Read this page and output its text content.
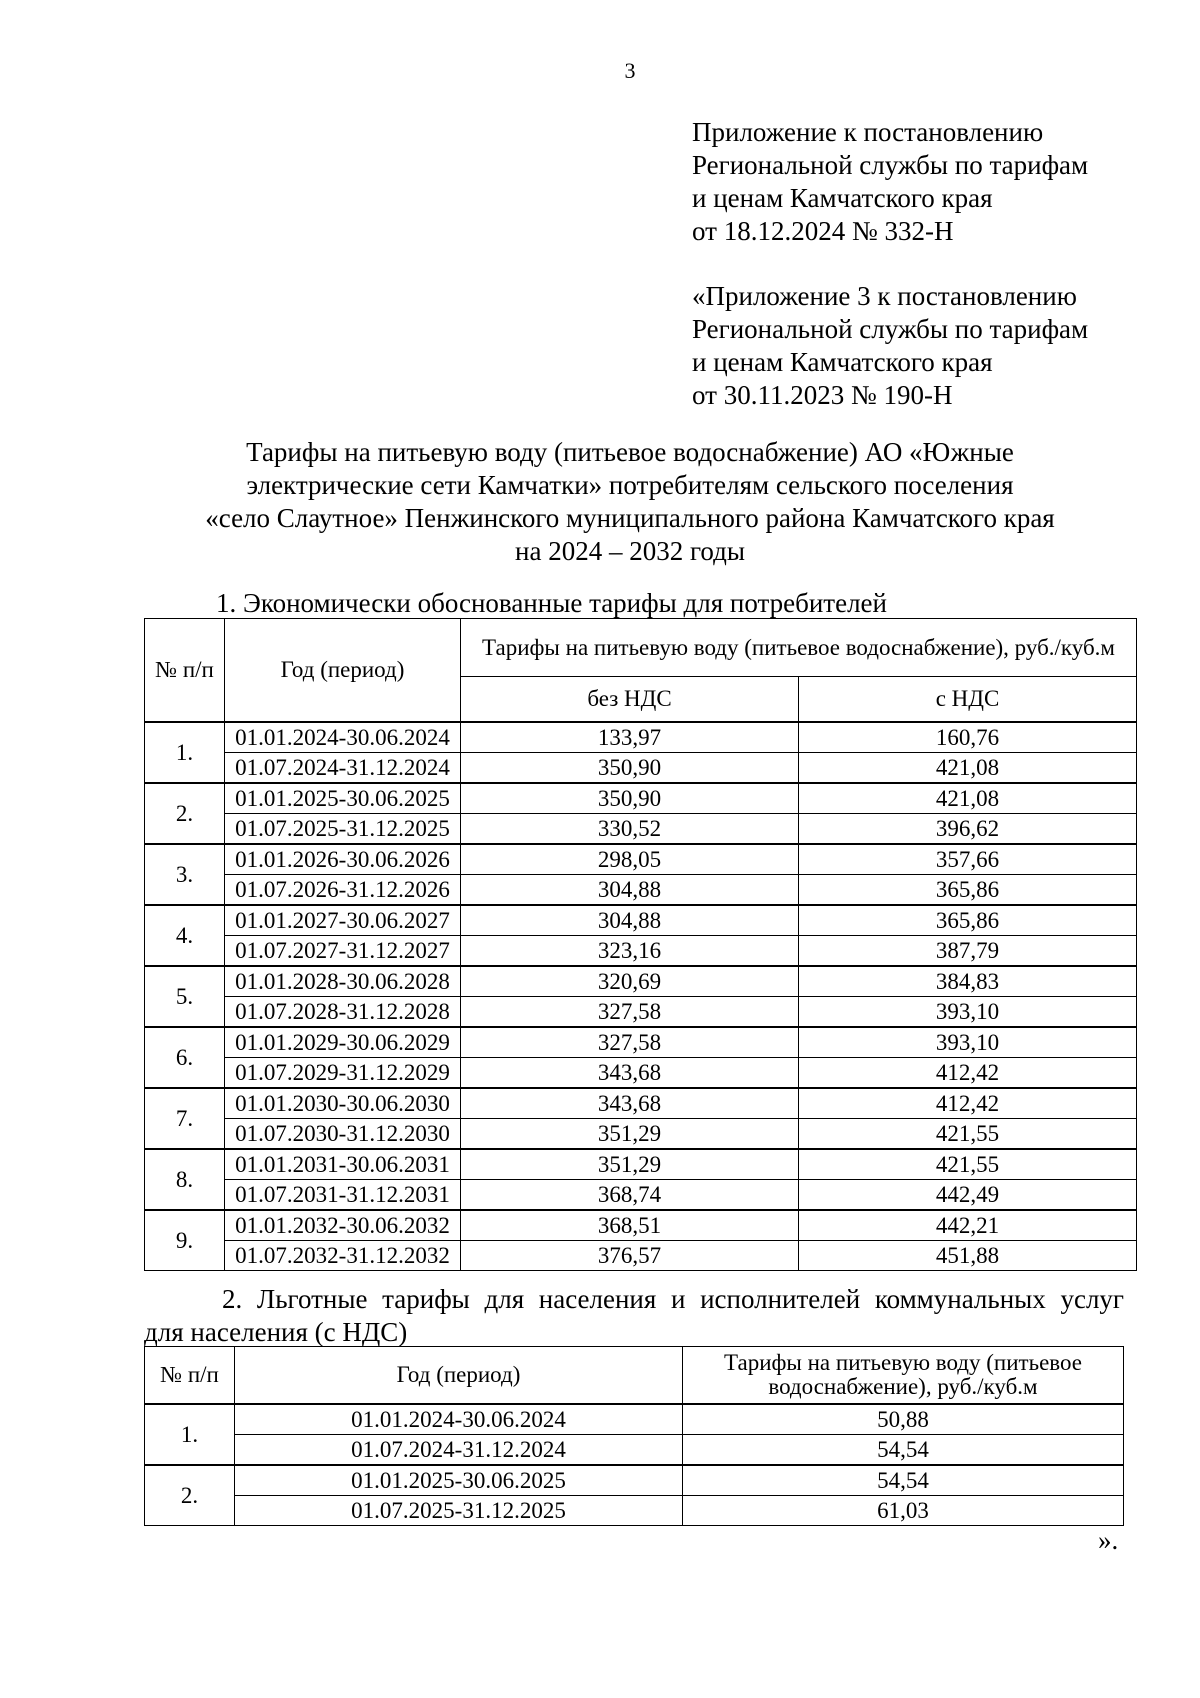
3
Приложение к постановлению
Региональной службы по тарифам
и ценам Камчатского края
от 18.12.2024 № 332-Н
«Приложение 3 к постановлению
Региональной службы по тарифам
и ценам Камчатского края
от 30.11.2023 № 190-Н
Тарифы на питьевую воду (питьевое водоснабжение) АО «Южные
электрические сети Камчатки» потребителям сельского поселения
«село Слаутное» Пенжинского муниципального района Камчатского края
на 2024 – 2032 годы
1. Экономически обоснованные тарифы для потребителей
№ п/п	Год (период)	Тарифы на питьевую воду (питьевое водоснабжение), руб./куб.м	
		без НДС	с НДС
1.	01.01.2024-30.06.2024	133,97	160,76
	01.07.2024-31.12.2024	350,90	421,08
2.	01.01.2025-30.06.2025	350,90	421,08
	01.07.2025-31.12.2025	330,52	396,62
3.	01.01.2026-30.06.2026	298,05	357,66
	01.07.2026-31.12.2026	304,88	365,86
4.	01.01.2027-30.06.2027	304,88	365,86
	01.07.2027-31.12.2027	323,16	387,79
5.	01.01.2028-30.06.2028	320,69	384,83
	01.07.2028-31.12.2028	327,58	393,10
6.	01.01.2029-30.06.2029	327,58	393,10
	01.07.2029-31.12.2029	343,68	412,42
7.	01.01.2030-30.06.2030	343,68	412,42
	01.07.2030-31.12.2030	351,29	421,55
8.	01.01.2031-30.06.2031	351,29	421,55
	01.07.2031-31.12.2031	368,74	442,49
9.	01.01.2032-30.06.2032	368,51	442,21
	01.07.2032-31.12.2032	376,57	451,88
2. Льготные тарифы для населения и исполнителей коммунальных услуг
для населения (с НДС)
№ п/п	Год (период)	Тарифы на питьевую воду (питьевое
водоснабжение), руб./куб.м

1.	01.01.2024-30.06.2024	50,88
	01.07.2024-31.12.2024	54,54
2.	01.01.2025-30.06.2025	54,54
	01.07.2025-31.12.2025	61,03
».
